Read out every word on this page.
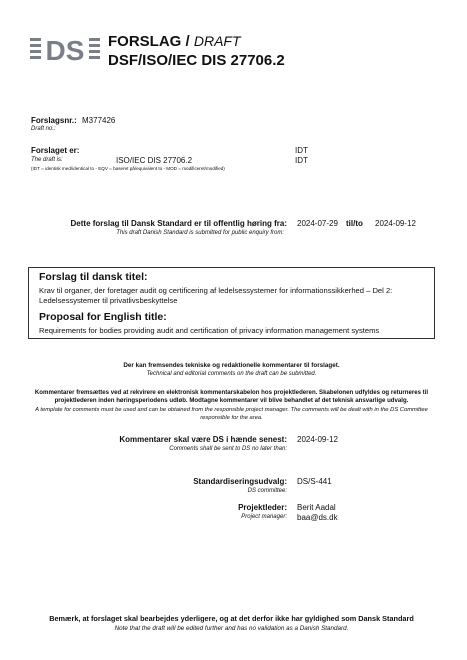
DS FORSLAG / DRAFT
DSF/ISO/IEC DIS 27706.2
Forslagsnr.:
Draft no.:
M377426
Forslaget er:	IDT
The draft is:	ISO/IEC DIS 27706.2	IDT
(IDT = identisk med/identical to - EQV = baseret på/equivalent to - MOD = modificeret/modified)
Dette forslag til Dansk Standard er til offentlig høring fra:
This draft Danish Standard is submitted for public enquiry from:
2024-07-29 til/to 2024-09-12
Forslag til dansk titel:
Krav til organer, der foretager audit og certificering af ledelsessystemer for informationssikkerhed – Del 2: Ledelsessystemer til privatlivsbeskyttelse
Proposal for English title:
Requirements for bodies providing audit and certification of privacy information management systems
Der kan fremsendes tekniske og redaktionelle kommentarer til forslaget.
Technical and editorial comments on the draft can be submitted.
Kommentarer fremsættes ved at rekvirere en elektronisk kommentarskabelon hos projektlederen. Skabelonen udfyldes og returneres til projektlederen inden høringsperiodens udløb. Modtagne kommentarer vil blive behandlet af det teknisk ansvarlige udvalg.
A template for comments must be used and can be obtained from the responsible project manager. The comments will be dealt with in the DS Committee responsible for the area.
Kommentarer skal være DS i hænde senest:
Comments shall be sent to DS no later than:
2024-09-12
Standardiseringsudvalg:
DS committee:
DS/S-441
Projektleder:
Project manager:
Berit Aadal
baa@ds.dk
Bemærk, at forslaget skal bearbejdes yderligere, og at det derfor ikke har gyldighed som Dansk Standard
Note that the draft will be edited further and has no validation as a Danish Standard.
